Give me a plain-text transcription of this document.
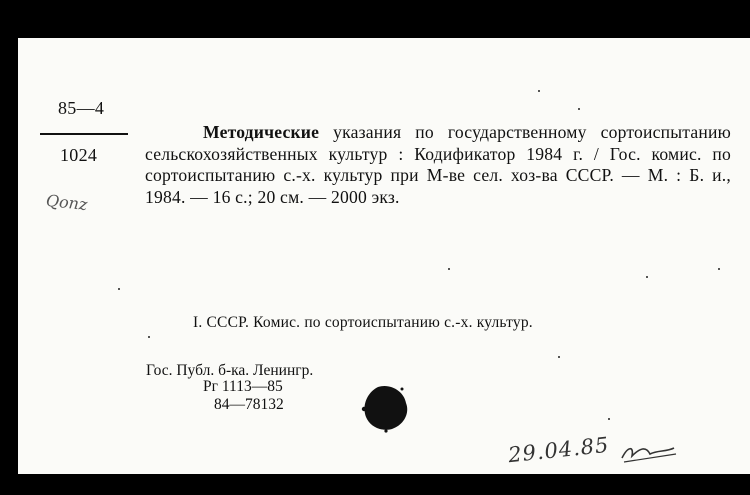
85—4
1024
Qonz
Методические указания по государственному сортоиспытанию сельскохозяйственных культур : Кодификатор 1984 г. / Гос. комис. по сортоиспытанию с.-х. культур при М-ве сел. хоз-ва СССР. — М. : Б. и., 1984. — 16 с.; 20 см. — 2000 экз.
I. СССР. Комис. по сортоиспытанию с.-х. культур.
Гос. Публ. б-ка. Ленингр.
Рг 1113—85
84—78132
29.04.85
